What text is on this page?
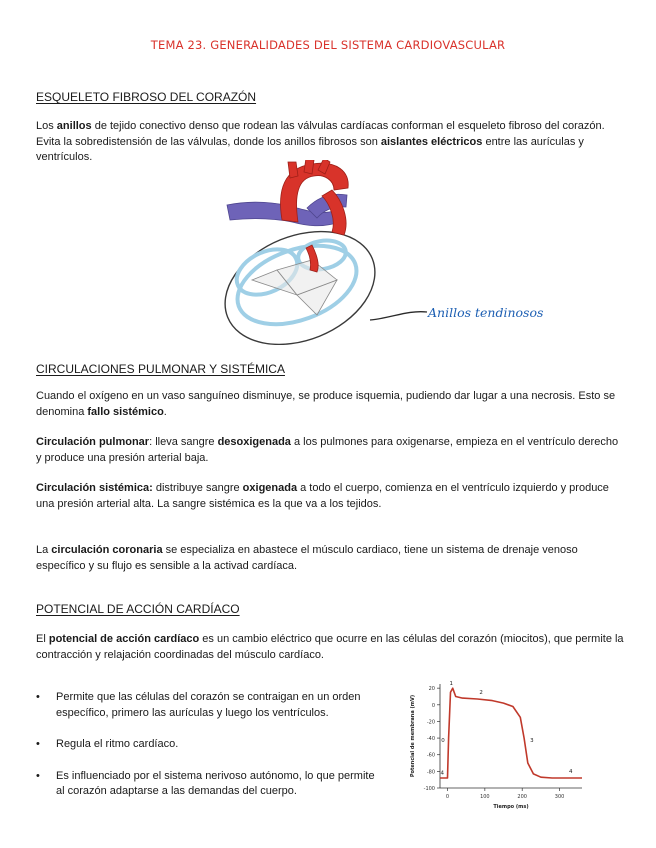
TEMA 23. GENERALIDADES DEL SISTEMA CARDIOVASCULAR
ESQUELETO FIBROSO DEL CORAZÓN
Los anillos de tejido conectivo denso que rodean las válvulas cardíacas conforman el esqueleto fibroso del corazón. Evita la sobredistensión de las válvulas, donde los anillos fibrosos son aislantes eléctricos entre las aurículas y ventrículos.
Anillos tendinosos
CIRCULACIONES PULMONAR Y SISTÉMICA
Cuando el oxígeno en un vaso sanguíneo disminuye, se produce isquemia, pudiendo dar lugar a una necrosis. Esto se denomina fallo sistémico.
Circulación pulmonar: lleva sangre desoxigenada a los pulmones para oxigenarse, empieza en el ventrículo derecho y produce una presión arterial baja.
Circulación sistémica: distribuye sangre oxigenada a todo el cuerpo, comienza en el ventrículo izquierdo y produce una presión arterial alta. La sangre sistémica es la que va a los tejidos.
La circulación coronaria se especializa en abastece el músculo cardiaco, tiene un sistema de drenaje venoso específico y su flujo es sensible a la activad cardíaca.
POTENCIAL DE ACCIÓN CARDÍACO
El potencial de acción cardíaco es un cambio eléctrico que ocurre en las células del corazón (miocitos), que permite la contracción y relajación coordinadas del músculo cardíaco.
• Permite que las células del corazón se contraigan en un orden específico, primero las aurículas y luego los ventrículos.
• Regula el ritmo cardíaco.
• Es influenciado por el sistema nerivoso autónomo, lo que permite al corazón adaptarse a las demandas del cuerpo.
20
0
-20
-40
-60
-80
-100
0	100	200	300
Tiempo (ms)
Potencial de membrana (mV)	0
1
2
3
4	4
